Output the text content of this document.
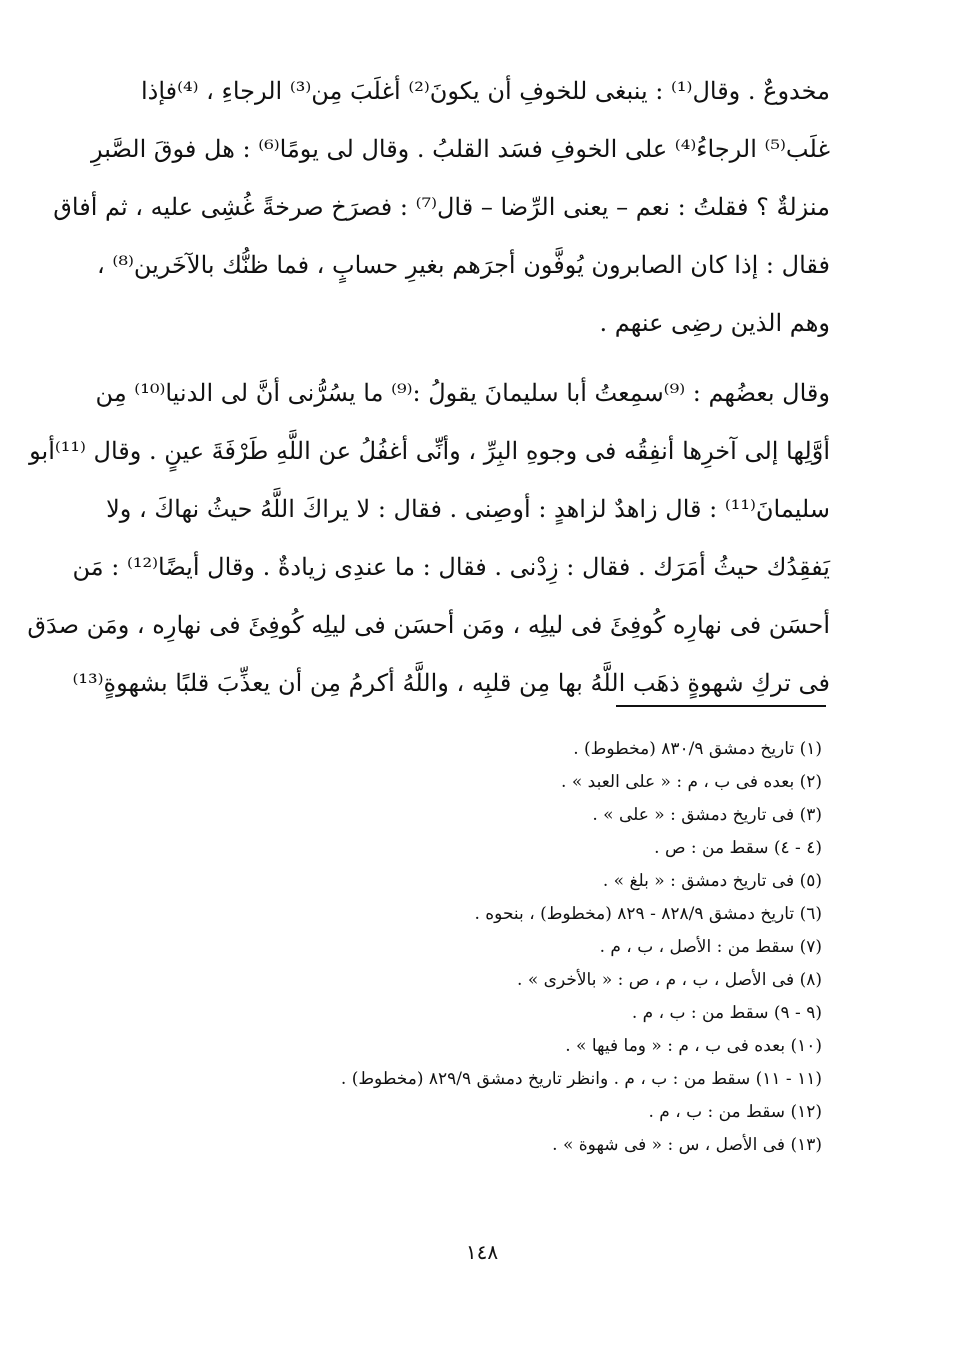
مخدوعٌ . وقال⁽¹⁾ : ينبغى للخوفِ أن يكونَ⁽²⁾ أغلَبَ مِن⁽³⁾ الرجاءِ ، ⁽⁴⁾فإذا
غلَب⁽⁵⁾ الرجاءُ⁽⁴⁾ على الخوفِ فسَد القلبُ . وقال لى يومًا⁽⁶⁾ : هل فوقَ الصَّبرِ
منزلةٌ ؟ فقلتُ : نعم – يعنى الرِّضا – قال⁽⁷⁾ : فصرَخ صرخةً غُشِى عليه ، ثم أفاق
فقال : إذا كان الصابرون يُوفَّون أجرَهم بغيرِ حسابٍ ، فما ظنُّك بالآخَرين⁽⁸⁾ ،
وهم الذين رضِى عنهم .
وقال بعضُهم : ⁽⁹⁾سمِعتُ أبا سليمانَ يقولُ :⁽⁹⁾ ما يسُرُّنى أنَّ لى الدنيا⁽¹⁰⁾ مِن
أوَّلِها إلى آخرِها أنفِقُه فى وجوهِ البِرِّ ، وأنِّى أغفُلُ عن اللَّهِ طَرْفَةَ عينٍ . وقال ⁽¹¹⁾أبو
سليمانَ⁽¹¹⁾ : قال زاهدٌ لزاهدٍ : أوصِنى . فقال : لا يراكَ اللَّهُ حيثُ نهاكَ ، ولا
يَفقِدُك حيثُ أمَرَك . فقال : زِدْنى . فقال : ما عندِى زيادةٌ . وقال أيضًا⁽¹²⁾ : مَن
أحسَن فى نهارِه كُوفِئَ فى ليلِه ، ومَن أحسَن فى ليلِه كُوفِئَ فى نهارِه ، ومَن صدَق
فى تركِ شهوةٍ ذهَب اللَّهُ بها مِن قلبِه ، واللَّهُ أكرمُ مِن أن يعذِّبَ قلبًا بشهوةٍ⁽¹³⁾
(١) تاريخ دمشق ٨٣٠/٩ (مخطوط) .
(٢) بعده فى ب ، م : « على العبد » .
(٣) فى تاريخ دمشق : « على » .
(٤ - ٤) سقط من : ص .
(٥) فى تاريخ دمشق : « بلغ » .
(٦) تاريخ دمشق ٨٢٨/٩ - ٨٢٩ (مخطوط) ، بنحوه .
(٧) سقط من : الأصل ، ب ، م .
(٨) فى الأصل ، ب ، م ، ص : « بالأخرى » .
(٩ - ٩) سقط من : ب ، م .
(١٠) بعده فى ب ، م : « وما فيها » .
(١١ - ١١) سقط من : ب ، م . وانظر تاريخ دمشق ٨٢٩/٩ (مخطوط) .
(١٢) سقط من : ب ، م .
(١٣) فى الأصل ، س : « فى شهوة » .
١٤٨
